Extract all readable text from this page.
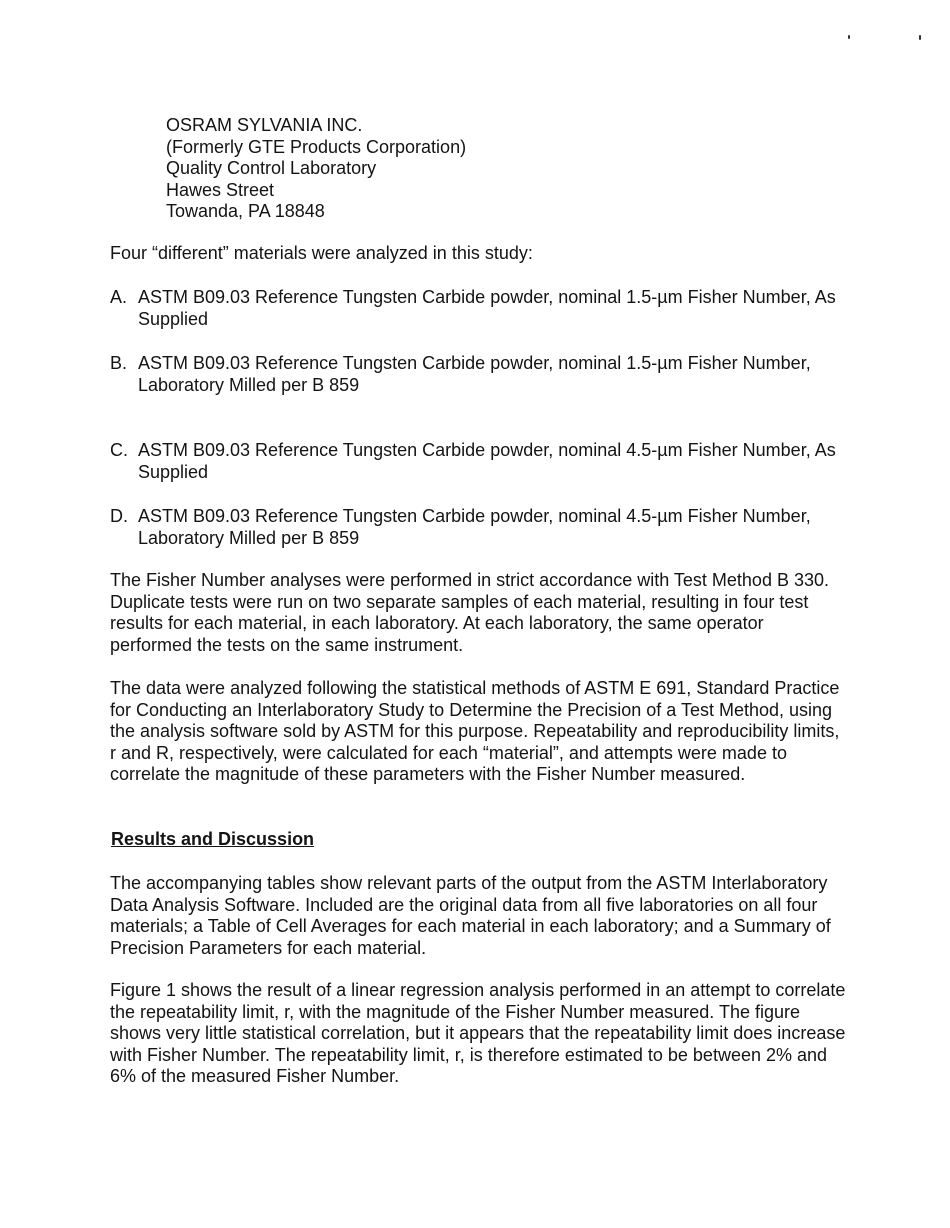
OSRAM SYLVANIA INC.
(Formerly GTE Products Corporation)
Quality Control Laboratory
Hawes Street
Towanda, PA 18848

Four “different” materials were analyzed in this study:

A. ASTM B09.03 Reference Tungsten Carbide powder, nominal 1.5-µm Fisher Number, As Supplied
B. ASTM B09.03 Reference Tungsten Carbide powder, nominal 1.5-µm Fisher Number, Laboratory Milled per B 859
C. ASTM B09.03 Reference Tungsten Carbide powder, nominal 4.5-µm Fisher Number, As Supplied
D. ASTM B09.03 Reference Tungsten Carbide powder, nominal 4.5-µm Fisher Number, Laboratory Milled per B 859

The Fisher Number analyses were performed in strict accordance with Test Method B 330. Duplicate tests were run on two separate samples of each material, resulting in four test results for each material, in each laboratory. At each laboratory, the same operator performed the tests on the same instrument.

The data were analyzed following the statistical methods of ASTM E 691, Standard Practice for Conducting an Interlaboratory Study to Determine the Precision of a Test Method, using the analysis software sold by ASTM for this purpose. Repeatability and reproducibility limits, r and R, respectively, were calculated for each “material”, and attempts were made to correlate the magnitude of these parameters with the Fisher Number measured.

Results and Discussion

The accompanying tables show relevant parts of the output from the ASTM Interlaboratory Data Analysis Software. Included are the original data from all five laboratories on all four materials; a Table of Cell Averages for each material in each laboratory; and a Summary of Precision Parameters for each material.

Figure 1 shows the result of a linear regression analysis performed in an attempt to correlate the repeatability limit, r, with the magnitude of the Fisher Number measured. The figure shows very little statistical correlation, but it appears that the repeatability limit does increase with Fisher Number. The repeatability limit, r, is therefore estimated to be between 2% and 6% of the measured Fisher Number.
